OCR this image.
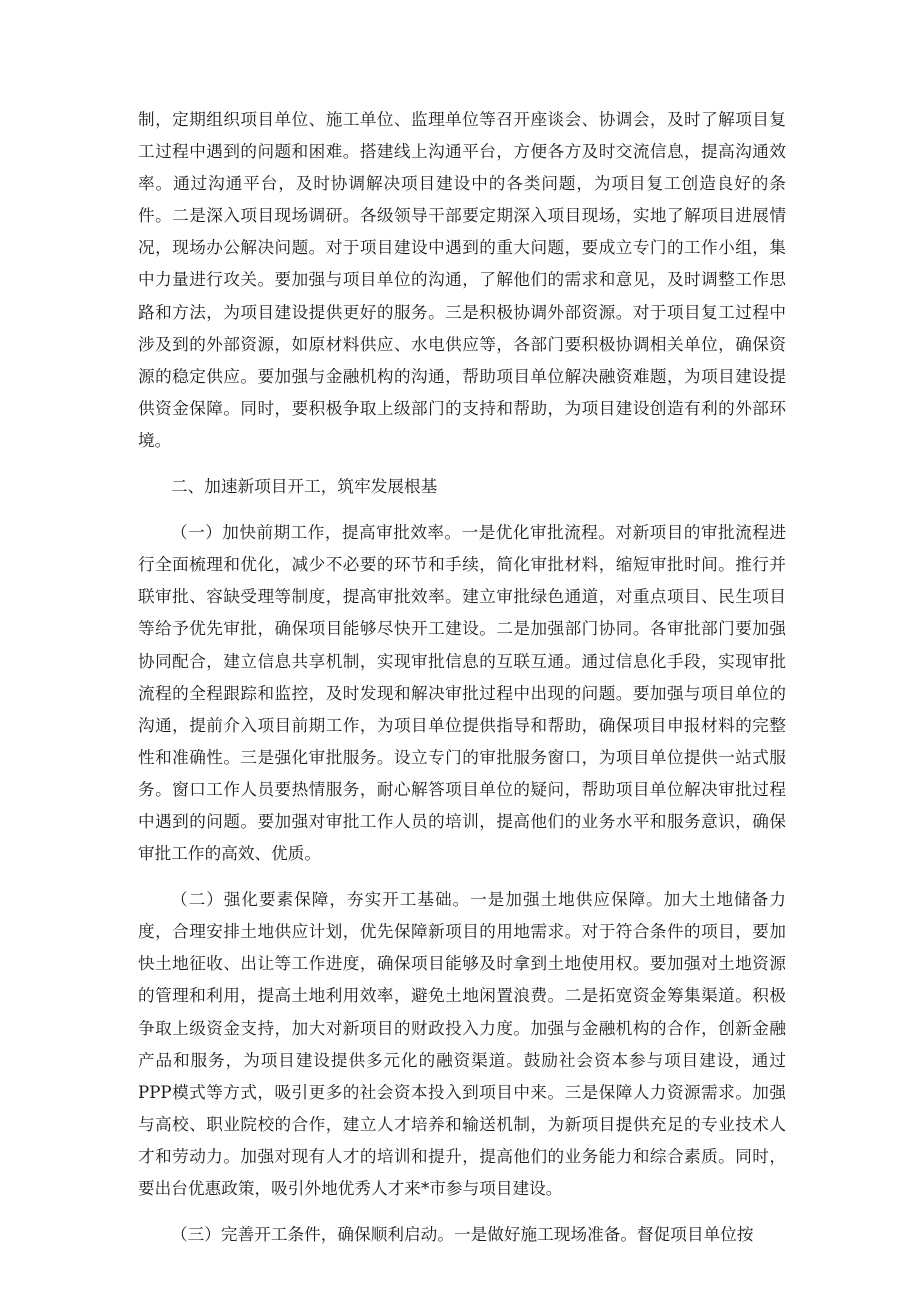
制，定期组织项目单位、施工单位、监理单位等召开座谈会、协调会，及时了解项目复工过程中遇到的问题和困难。搭建线上沟通平台，方便各方及时交流信息，提高沟通效率。通过沟通平台，及时协调解决项目建设中的各类问题，为项目复工创造良好的条件。二是深入项目现场调研。各级领导干部要定期深入项目现场，实地了解项目进展情况，现场办公解决问题。对于项目建设中遇到的重大问题，要成立专门的工作小组，集中力量进行攻关。要加强与项目单位的沟通，了解他们的需求和意见，及时调整工作思路和方法，为项目建设提供更好的服务。三是积极协调外部资源。对于项目复工过程中涉及到的外部资源，如原材料供应、水电供应等，各部门要积极协调相关单位，确保资源的稳定供应。要加强与金融机构的沟通，帮助项目单位解决融资难题，为项目建设提供资金保障。同时，要积极争取上级部门的支持和帮助，为项目建设创造有利的外部环境。

二、加速新项目开工，筑牢发展根基

（一）加快前期工作，提高审批效率。一是优化审批流程。对新项目的审批流程进行全面梳理和优化，减少不必要的环节和手续，简化审批材料，缩短审批时间。推行并联审批、容缺受理等制度，提高审批效率。建立审批绿色通道，对重点项目、民生项目等给予优先审批，确保项目能够尽快开工建设。二是加强部门协同。各审批部门要加强协同配合，建立信息共享机制，实现审批信息的互联互通。通过信息化手段，实现审批流程的全程跟踪和监控，及时发现和解决审批过程中出现的问题。要加强与项目单位的沟通，提前介入项目前期工作，为项目单位提供指导和帮助，确保项目申报材料的完整性和准确性。三是强化审批服务。设立专门的审批服务窗口，为项目单位提供一站式服务。窗口工作人员要热情服务，耐心解答项目单位的疑问，帮助项目单位解决审批过程中遇到的问题。要加强对审批工作人员的培训，提高他们的业务水平和服务意识，确保审批工作的高效、优质。

（二）强化要素保障，夯实开工基础。一是加强土地供应保障。加大土地储备力度，合理安排土地供应计划，优先保障新项目的用地需求。对于符合条件的项目，要加快土地征收、出让等工作进度，确保项目能够及时拿到土地使用权。要加强对土地资源的管理和利用，提高土地利用效率，避免土地闲置浪费。二是拓宽资金筹集渠道。积极争取上级资金支持，加大对新项目的财政投入力度。加强与金融机构的合作，创新金融产品和服务，为项目建设提供多元化的融资渠道。鼓励社会资本参与项目建设，通过PPP模式等方式，吸引更多的社会资本投入到项目中来。三是保障人力资源需求。加强与高校、职业院校的合作，建立人才培养和输送机制，为新项目提供充足的专业技术人才和劳动力。加强对现有人才的培训和提升，提高他们的业务能力和综合素质。同时，要出台优惠政策，吸引外地优秀人才来*市参与项目建设。

（三）完善开工条件，确保顺利启动。一是做好施工现场准备。督促项目单位按
